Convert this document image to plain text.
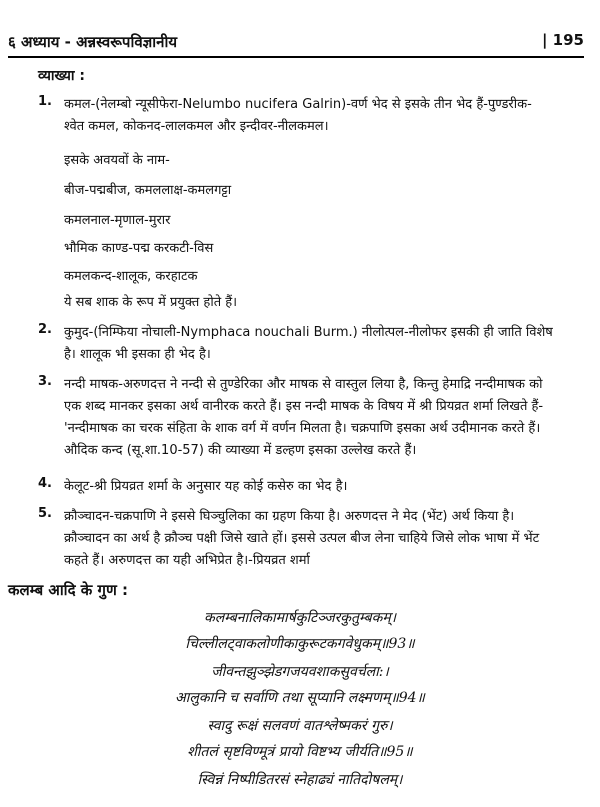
६ अध्याय - अन्नस्वरूपविज्ञानीय	| 195
व्याख्या :
1. कमल-(नेलम्बो न्यूसीफेरा-Nelumbo nucifera Galrin)-वर्ण भेद से इसके तीन भेद हैं-पुण्डरीक-
श्वेत कमल, कोकनद-लालकमल और इन्दीवर-नीलकमल।
इसके अवयवों के नाम-
बीज-पद्मबीज, कमललाक्ष-कमलगट्टा
कमलनाल-मृणाल-मुरार
भौमिक काण्ड-पद्म करकटी-विस
कमलकन्द-शालूक, करहाटक
ये सब शाक के रूप में प्रयुक्त होते हैं।
2. कुमुद-(निम्फिया नोचाली-Nymphaca nouchali Burm.) नीलोत्पल-नीलोफर इसकी ही जाति विशेष
है। शालूक भी इसका ही भेद है।
3. नन्दी माषक-अरुणदत्त ने नन्दी से तुण्डेरिका और माषक से वास्तुल लिया है, किन्तु हेमाद्रि नन्दीमाषक को
एक शब्द मानकर इसका अर्थ वानीरक करते हैं। इस नन्दी माषक के विषय में श्री प्रियव्रत शर्मा लिखते हैं-
'नन्दीमाषक का चरक संहिता के शाक वर्ग में वर्णन मिलता है। चक्रपाणि इसका अर्थ उदीमानक करते हैं।
औदिक कन्द (सू.शा.10-57) की व्याख्या में डल्हण इसका उल्लेख करते हैं।
4. केलूट-श्री प्रियव्रत शर्मा के अनुसार यह कोई कसेरु का भेद है।
5. क्रौञ्चादन-चक्रपाणि ने इससे घिञ्चुलिका का ग्रहण किया है। अरुणदत्त ने मेद (भेंट) अर्थ किया है।
क्रौञ्चादन का अर्थ है क्रौञ्च पक्षी जिसे खाते हों। इससे उत्पल बीज लेना चाहिये जिसे लोक भाषा में भेंट
कहते हैं। अरुणदत्त का यही अभिप्रेत है।-प्रियव्रत शर्मा
कलम्ब आदि के गुण :
कलम्बनालिकामार्षकुटिञ्जरकुतुम्बकम्।
चिल्लीलट्वाकलोणीकाकुरूटकगवेधुकम्॥93॥
जीवन्तझुञ्झेडगजयवशाकसुवर्चला:।
आलुकानि च सर्वाणि तथा सूप्यानि लक्ष्मणम्॥94॥
स्वादु रूक्षं सलवणं वातश्लेष्मकरं गुरु।
शीतलं सृष्टविण्मूत्रं प्रायो विष्टभ्य जीर्यति॥95॥
स्विन्नं निष्पीडितरसं स्नेहाढ्यं नातिदोषलम्।
